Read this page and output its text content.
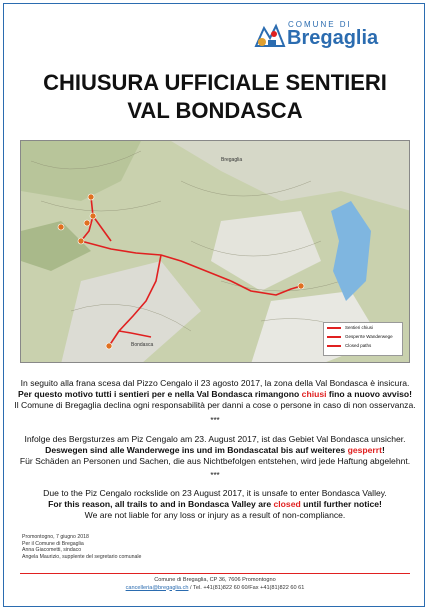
COMUNE DI
Bregaglia
CHIUSURA UFFICIALE SENTIERI
VAL BONDASCA
Bregaglia
Bondasca
Sentieri chiusi
Gesperrte Wanderwege
Closed paths
In seguito alla frana scesa dal Pizzo Cengalo il 23 agosto 2017, la zona della Val Bondasca è insicura.
Per questo motivo tutti i sentieri per e nella Val Bondasca rimangono chiusi fino a nuovo avviso!
Il Comune di Bregaglia declina ogni responsabilità per danni a cose o persone in caso di non osservanza.
***
Infolge des Bergsturzes am Piz Cengalo am 23. August 2017, ist das Gebiet Val Bondasca unsicher.
Deswegen sind alle Wanderwege ins und im Bondascatal bis auf weiteres gesperrt!
Für Schäden an Personen und Sachen, die aus Nichtbefolgen entstehen, wird jede Haftung abgelehnt.
***
Due to the Piz Cengalo rockslide on 23 August 2017, it is unsafe to enter Bondasca Valley.
For this reason, all trails to and in Bondasca Valley are closed until further notice!
We are not liable for any loss or injury as a result of non-compliance.
Promontogno, 7 giugno 2018
Per il Comune di Bregaglia
Anna Giacometti, sindaco
Angela Maurizio, supplente del segretario comunale
Comune di Bregaglia, CP 36, 7606 Promontogno
cancelleria@bregaglia.ch / Tel. +41(81)822 60 60/Fax +41(81)822 60 61
